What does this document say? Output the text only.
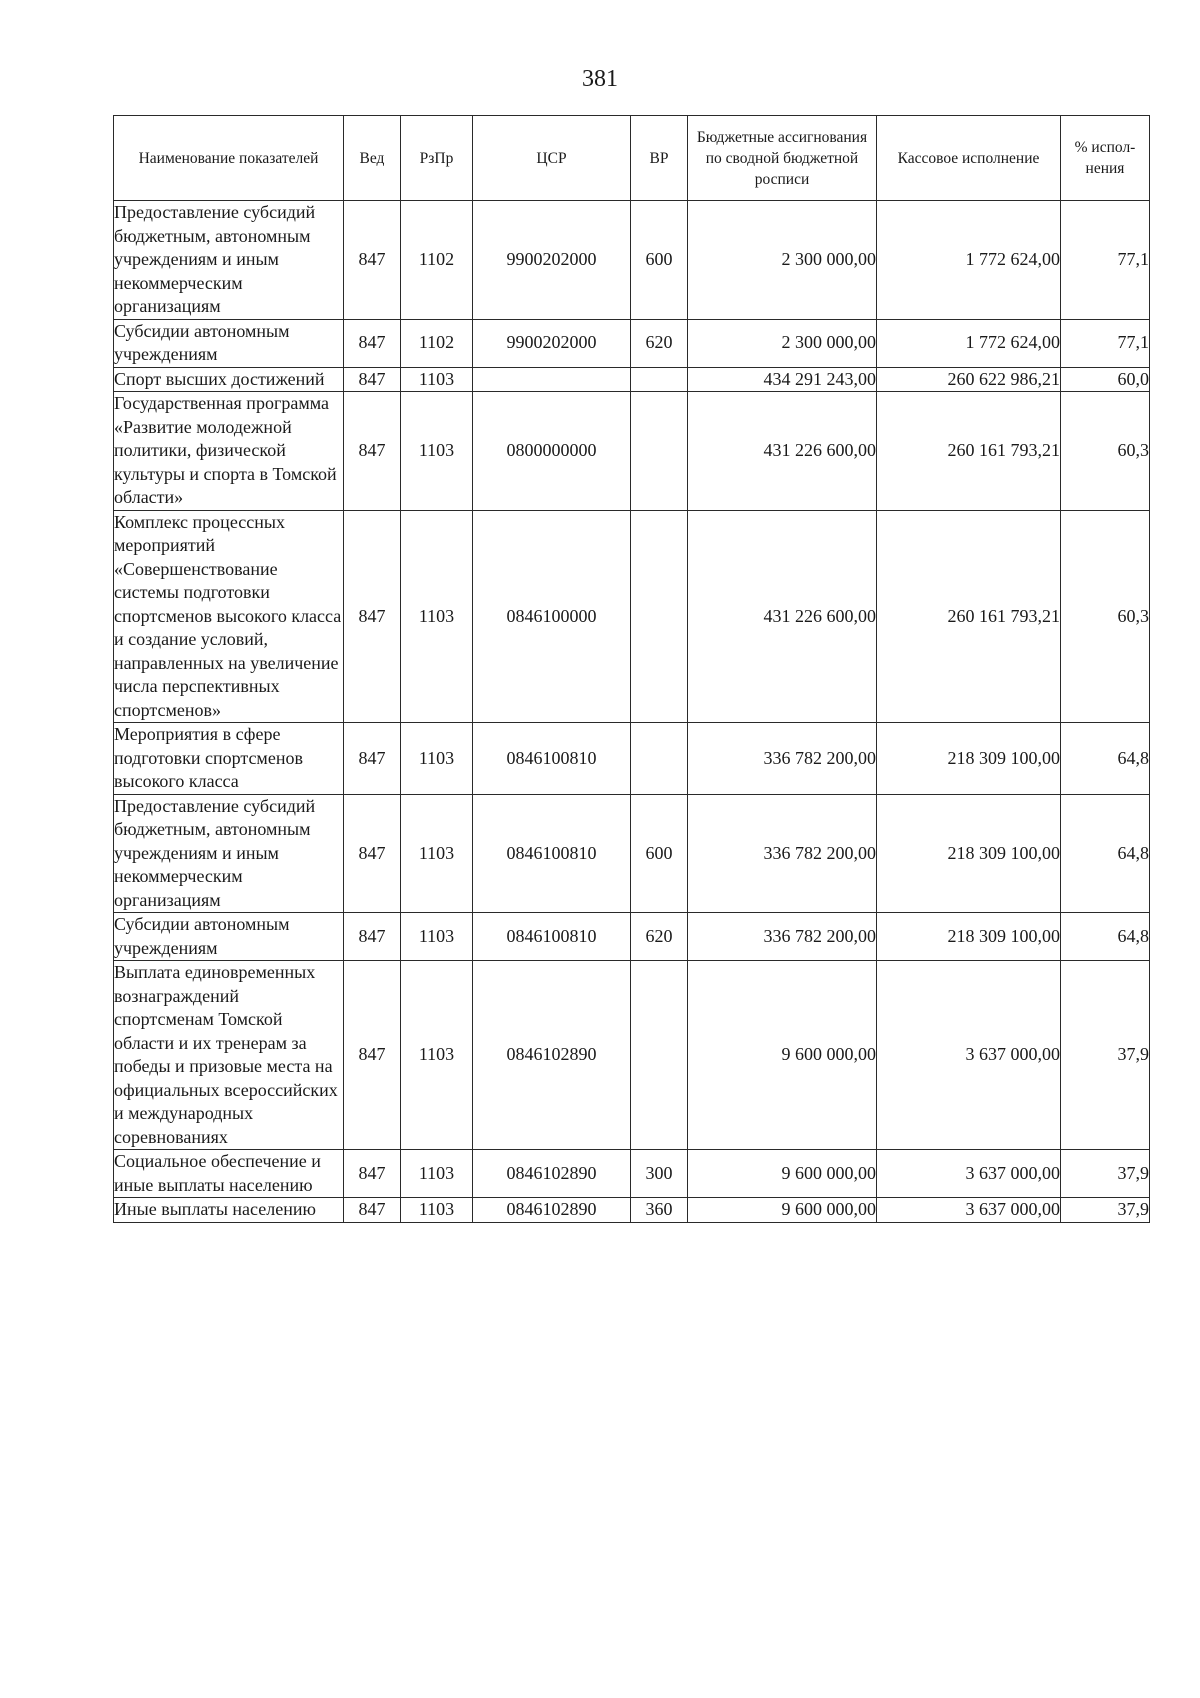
381
Наименование показателей	Вед	РзПр	ЦСР	ВР	Бюджетные ассигнования по сводной бюджетной росписи	Кассовое исполнение	% испол-нения
Предоставление субсидий бюджетным, автономным учреждениям и иным некоммерческим организациям	847	1102	9900202000	600	2 300 000,00	1 772 624,00	77,1
Субсидии автономным учреждениям	847	1102	9900202000	620	2 300 000,00	1 772 624,00	77,1
Спорт высших достижений	847	1103			434 291 243,00	260 622 986,21	60,0
Государственная программа «Развитие молодежной политики, физической культуры и спорта в Томской области»	847	1103	0800000000		431 226 600,00	260 161 793,21	60,3
Комплекс процессных мероприятий «Совершенствование системы подготовки спортсменов высокого класса и создание условий, направленных на увеличение числа перспективных спортсменов»	847	1103	0846100000		431 226 600,00	260 161 793,21	60,3
Мероприятия в сфере подготовки спортсменов высокого класса	847	1103	0846100810		336 782 200,00	218 309 100,00	64,8
Предоставление субсидий бюджетным, автономным учреждениям и иным некоммерческим организациям	847	1103	0846100810	600	336 782 200,00	218 309 100,00	64,8
Субсидии автономным учреждениям	847	1103	0846100810	620	336 782 200,00	218 309 100,00	64,8
Выплата единовременных вознаграждений спортсменам Томской области и их тренерам за победы и призовые места на официальных всероссийских и международных соревнованиях	847	1103	0846102890		9 600 000,00	3 637 000,00	37,9
Социальное обеспечение и иные выплаты населению	847	1103	0846102890	300	9 600 000,00	3 637 000,00	37,9
Иные выплаты населению	847	1103	0846102890	360	9 600 000,00	3 637 000,00	37,9
